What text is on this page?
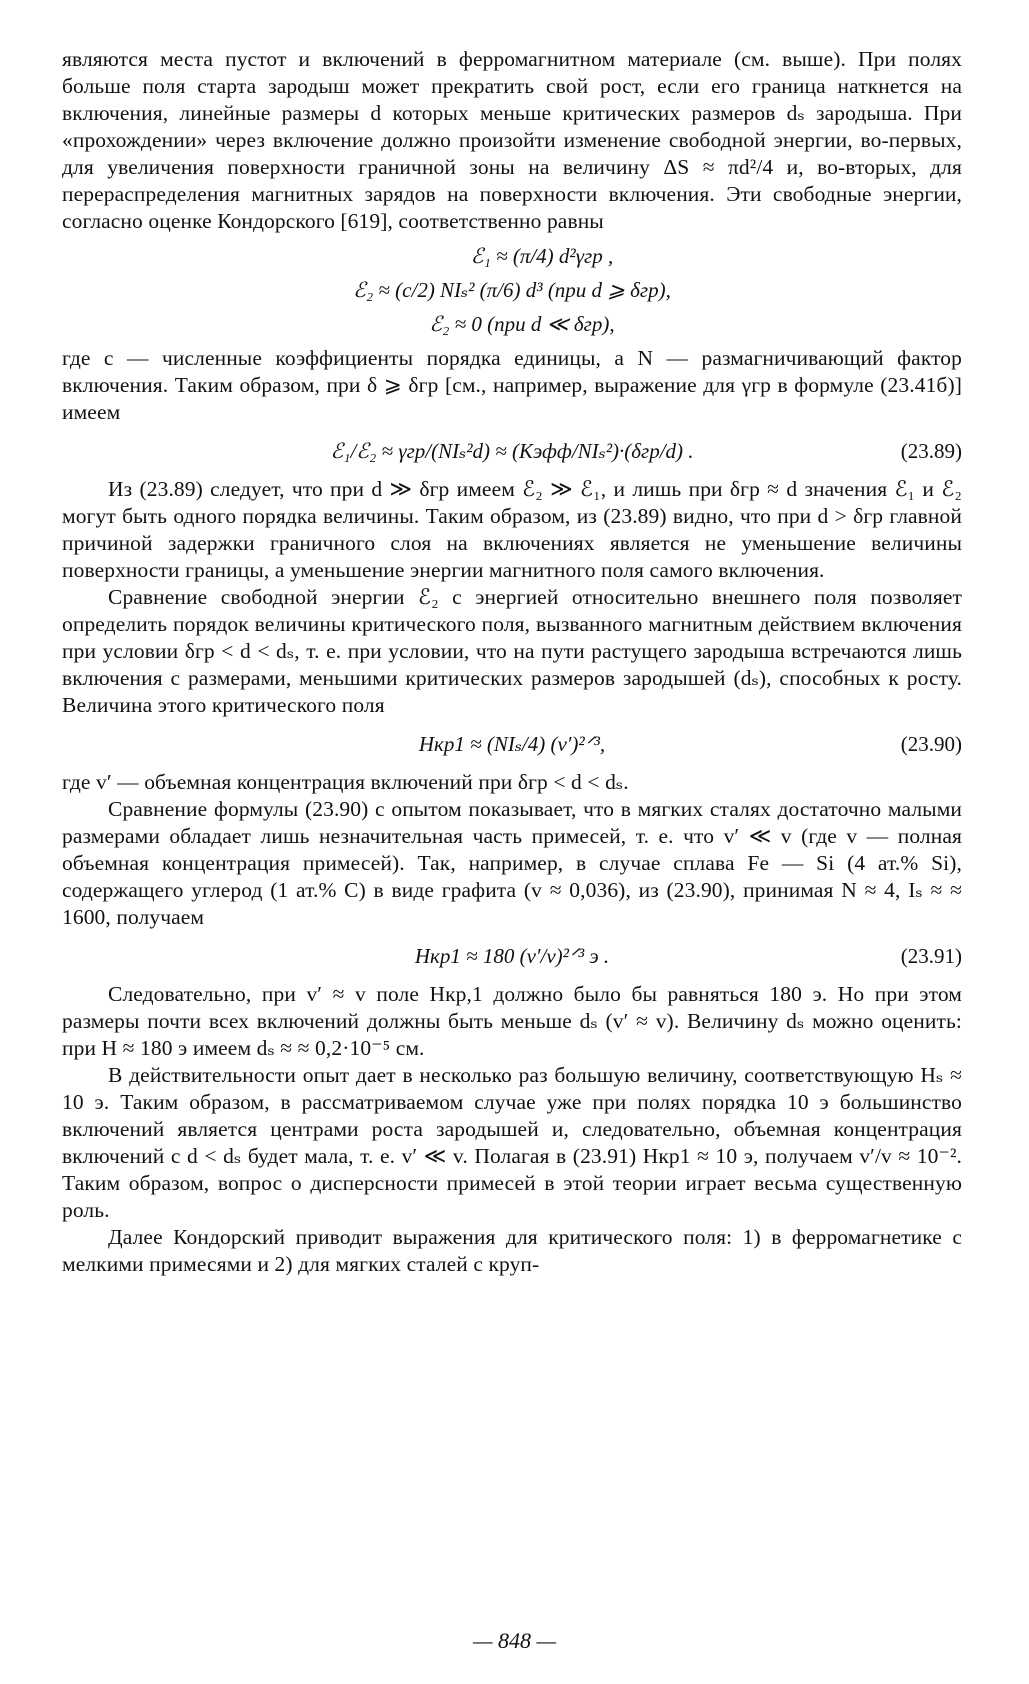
являются места пустот и включений в ферромагнитном материале (см. выше). При полях больше поля старта зародыш может прекратить свой рост, если его граница наткнется на включения, линейные размеры d которых меньше критических размеров dₛ зародыша. При «прохождении» через включение должно произойти изменение свободной энергии, во-первых, для увеличения поверхности граничной зоны на величину ΔS ≈ πd²/4 и, во-вторых, для перераспределения магнитных зарядов на поверхности включения. Эти свободные энергии, согласно оценке Кондорского [619], соответственно равны

ℰ₁ ≈ (π/4) d²γгр ,
ℰ₂ ≈ (c/2) NIₛ² (π/6) d³ (при d ⩾ δгр),
ℰ₂ ≈ 0 (при d ≪ δгр),

где c — численные коэффициенты порядка единицы, а N — размагничивающий фактор включения. Таким образом, при δ ⩾ δгр [см., например, выражение для γгр в формуле (23.41б)] имеем

ℰ₁/ℰ₂ ≈ γгр/(NIₛ²d) ≈ (Kэфф/NIₛ²)·(δгр/d) .	(23.89)

Из (23.89) следует, что при d ≫ δгр имеем ℰ₂ ≫ ℰ₁, и лишь при δгр ≈ d значения ℰ₁ и ℰ₂ могут быть одного порядка величины. Таким образом, из (23.89) видно, что при d > δгр главной причиной задержки граничного слоя на включениях является не уменьшение величины поверхности границы, а уменьшение энергии магнитного поля самого включения.

Сравнение свободной энергии ℰ₂ с энергией относительно внешнего поля позволяет определить порядок величины критического поля, вызванного магнитным действием включения при условии δгр < d < dₛ, т. е. при условии, что на пути растущего зародыша встречаются лишь включения с размерами, меньшими критических размеров зародышей (dₛ), способных к росту. Величина этого критического поля

Hкр1 ≈ (NIₛ/4) (v′)²ᐟ³,	(23.90)

где v′ — объемная концентрация включений при δгр < d < dₛ.

Сравнение формулы (23.90) с опытом показывает, что в мягких сталях достаточно малыми размерами обладает лишь незначительная часть примесей, т. е. что v′ ≪ v (где v — полная объемная концентрация примесей). Так, например, в случае сплава Fe — Si (4 ат.% Si), содержащего углерод (1 ат.% C) в виде графита (v ≈ 0,036), из (23.90), принимая N ≈ 4, Iₛ ≈ ≈ 1600, получаем

Hкр1 ≈ 180 (v′/v)²ᐟ³ э .	(23.91)

Следовательно, при v′ ≈ v поле Hкр,1 должно было бы равняться 180 э. Но при этом размеры почти всех включений должны быть меньше dₛ (v′ ≈ v). Величину dₛ можно оценить: при H ≈ 180 э имеем dₛ ≈ ≈ 0,2·10⁻⁵ см.

В действительности опыт дает в несколько раз большую величину, соответствующую Hₛ ≈ 10 э. Таким образом, в рассматриваемом случае уже при полях порядка 10 э большинство включений является центрами роста зародышей и, следовательно, объемная концентрация включений с d < dₛ будет мала, т. е. v′ ≪ v. Полагая в (23.91) Hкр1 ≈ 10 э, получаем v′/v ≈ 10⁻². Таким образом, вопрос о дисперсности примесей в этой теории играет весьма существенную роль.

Далее Кондорский приводит выражения для критического поля: 1) в ферромагнетике с мелкими примесями и 2) для мягких сталей с круп-

— 848 —
